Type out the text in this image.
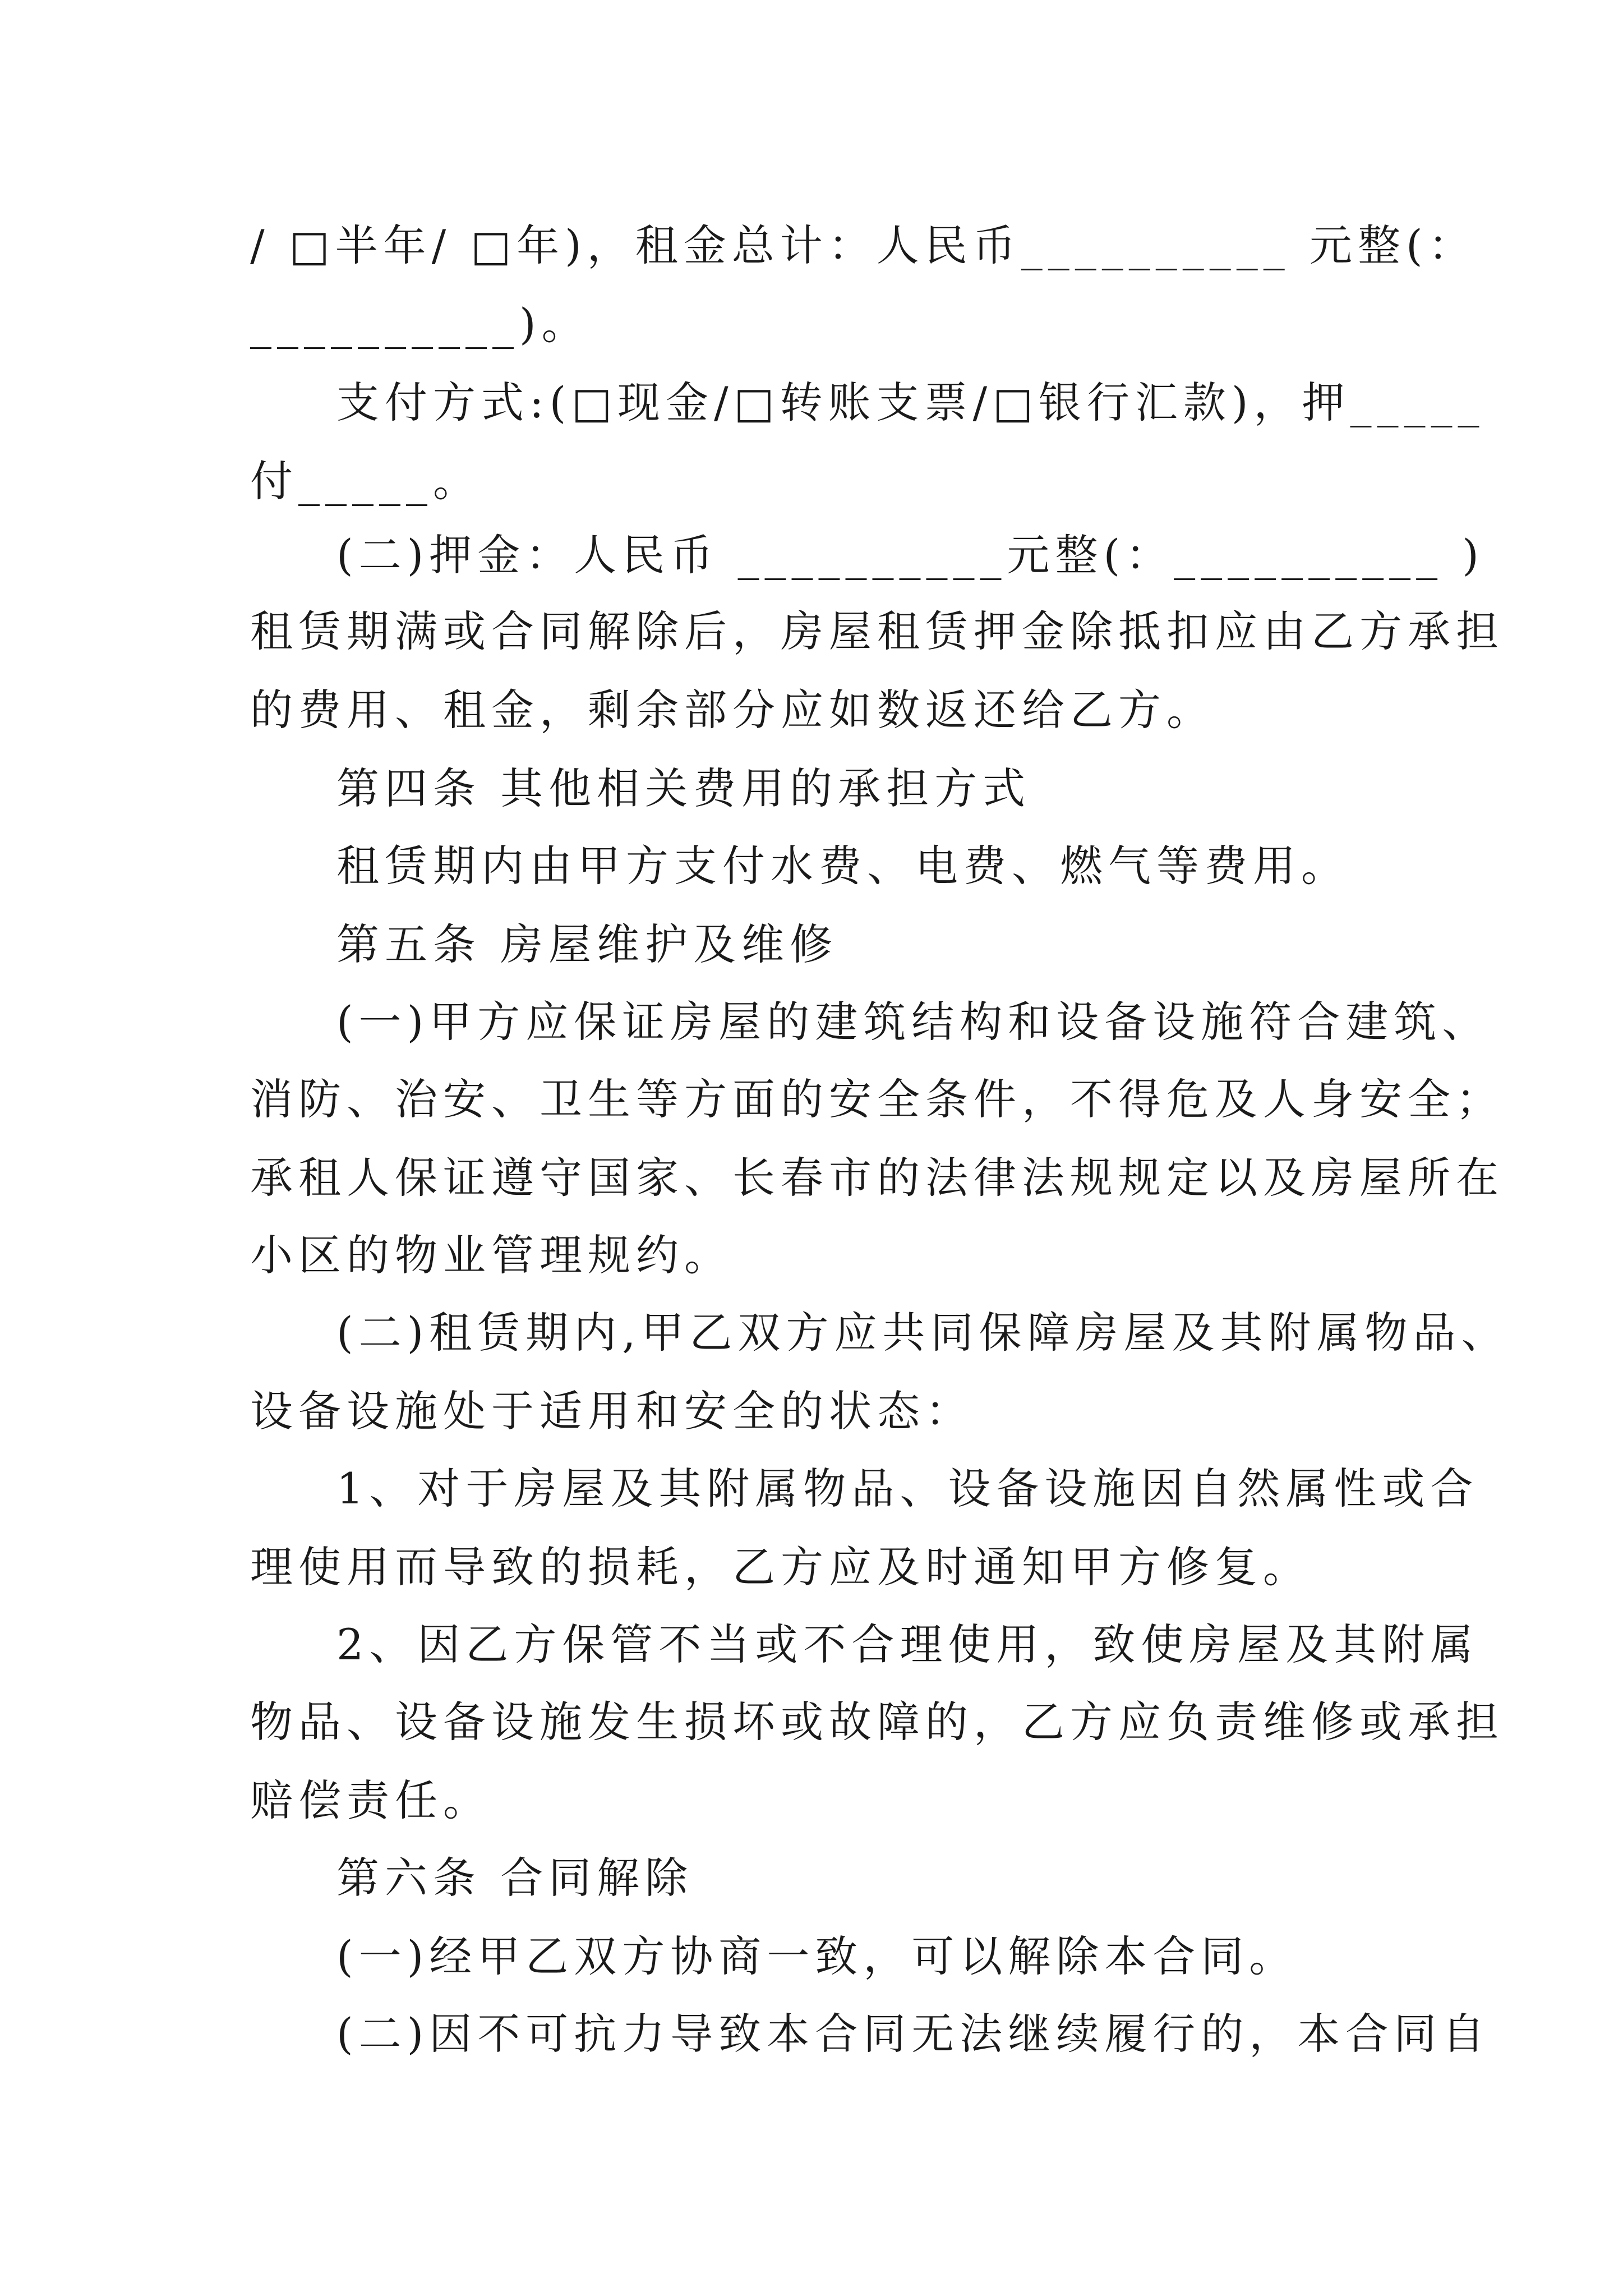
/ □半年/ □年)，租金总计：人民币__________ 元整(：
__________)。
支付方式:(□现金/□转账支票/□银行汇款)，押_____
付_____。
(二)押金：人民币 __________元整(：__________ )
租赁期满或合同解除后，房屋租赁押金除抵扣应由乙方承担
的费用、租金，剩余部分应如数返还给乙方。
第四条 其他相关费用的承担方式
租赁期内由甲方支付水费、电费、燃气等费用。
第五条 房屋维护及维修
(一)甲方应保证房屋的建筑结构和设备设施符合建筑、
消防、治安、卫生等方面的安全条件，不得危及人身安全；
承租人保证遵守国家、长春市的法律法规规定以及房屋所在
小区的物业管理规约。
(二)租赁期内,甲乙双方应共同保障房屋及其附属物品、
设备设施处于适用和安全的状态：
1、对于房屋及其附属物品、设备设施因自然属性或合
理使用而导致的损耗，乙方应及时通知甲方修复。
2、因乙方保管不当或不合理使用，致使房屋及其附属
物品、设备设施发生损坏或故障的，乙方应负责维修或承担
赔偿责任。
第六条 合同解除
(一)经甲乙双方协商一致，可以解除本合同。
(二)因不可抗力导致本合同无法继续履行的，本合同自
